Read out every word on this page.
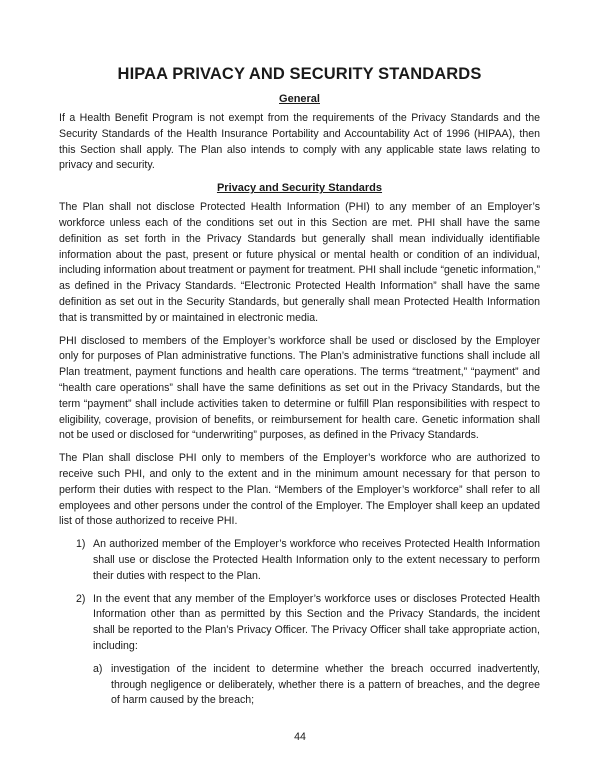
HIPAA PRIVACY AND SECURITY STANDARDS
General

If a Health Benefit Program is not exempt from the requirements of the Privacy Standards and the Security Standards of the Health Insurance Portability and Accountability Act of 1996 (HIPAA), then this Section shall apply. The Plan also intends to comply with any applicable state laws relating to privacy and security.

Privacy and Security Standards

The Plan shall not disclose Protected Health Information (PHI) to any member of an Employer’s workforce unless each of the conditions set out in this Section are met. PHI shall have the same definition as set forth in the Privacy Standards but generally shall mean individually identifiable information about the past, present or future physical or mental health or condition of an individual, including information about treatment or payment for treatment. PHI shall include “genetic information,” as defined in the Privacy Standards. “Electronic Protected Health Information” shall have the same definition as set out in the Security Standards, but generally shall mean Protected Health Information that is transmitted by or maintained in electronic media.

PHI disclosed to members of the Employer’s workforce shall be used or disclosed by the Employer only for purposes of Plan administrative functions. The Plan’s administrative functions shall include all Plan treatment, payment functions and health care operations. The terms “treatment,” “payment” and “health care operations” shall have the same definitions as set out in the Privacy Standards, but the term “payment” shall include activities taken to determine or fulfill Plan responsibilities with respect to eligibility, coverage, provision of benefits, or reimbursement for health care. Genetic information shall not be used or disclosed for “underwriting” purposes, as defined in the Privacy Standards.

The Plan shall disclose PHI only to members of the Employer’s workforce who are authorized to receive such PHI, and only to the extent and in the minimum amount necessary for that person to perform their duties with respect to the Plan. “Members of the Employer’s workforce” shall refer to all employees and other persons under the control of the Employer. The Employer shall keep an updated list of those authorized to receive PHI.

1) An authorized member of the Employer’s workforce who receives Protected Health Information shall use or disclose the Protected Health Information only to the extent necessary to perform their duties with respect to the Plan.
2) In the event that any member of the Employer’s workforce uses or discloses Protected Health Information other than as permitted by this Section and the Privacy Standards, the incident shall be reported to the Plan’s Privacy Officer. The Privacy Officer shall take appropriate action, including:
a) investigation of the incident to determine whether the breach occurred inadvertently, through negligence or deliberately, whether there is a pattern of breaches, and the degree of harm caused by the breach;
44
